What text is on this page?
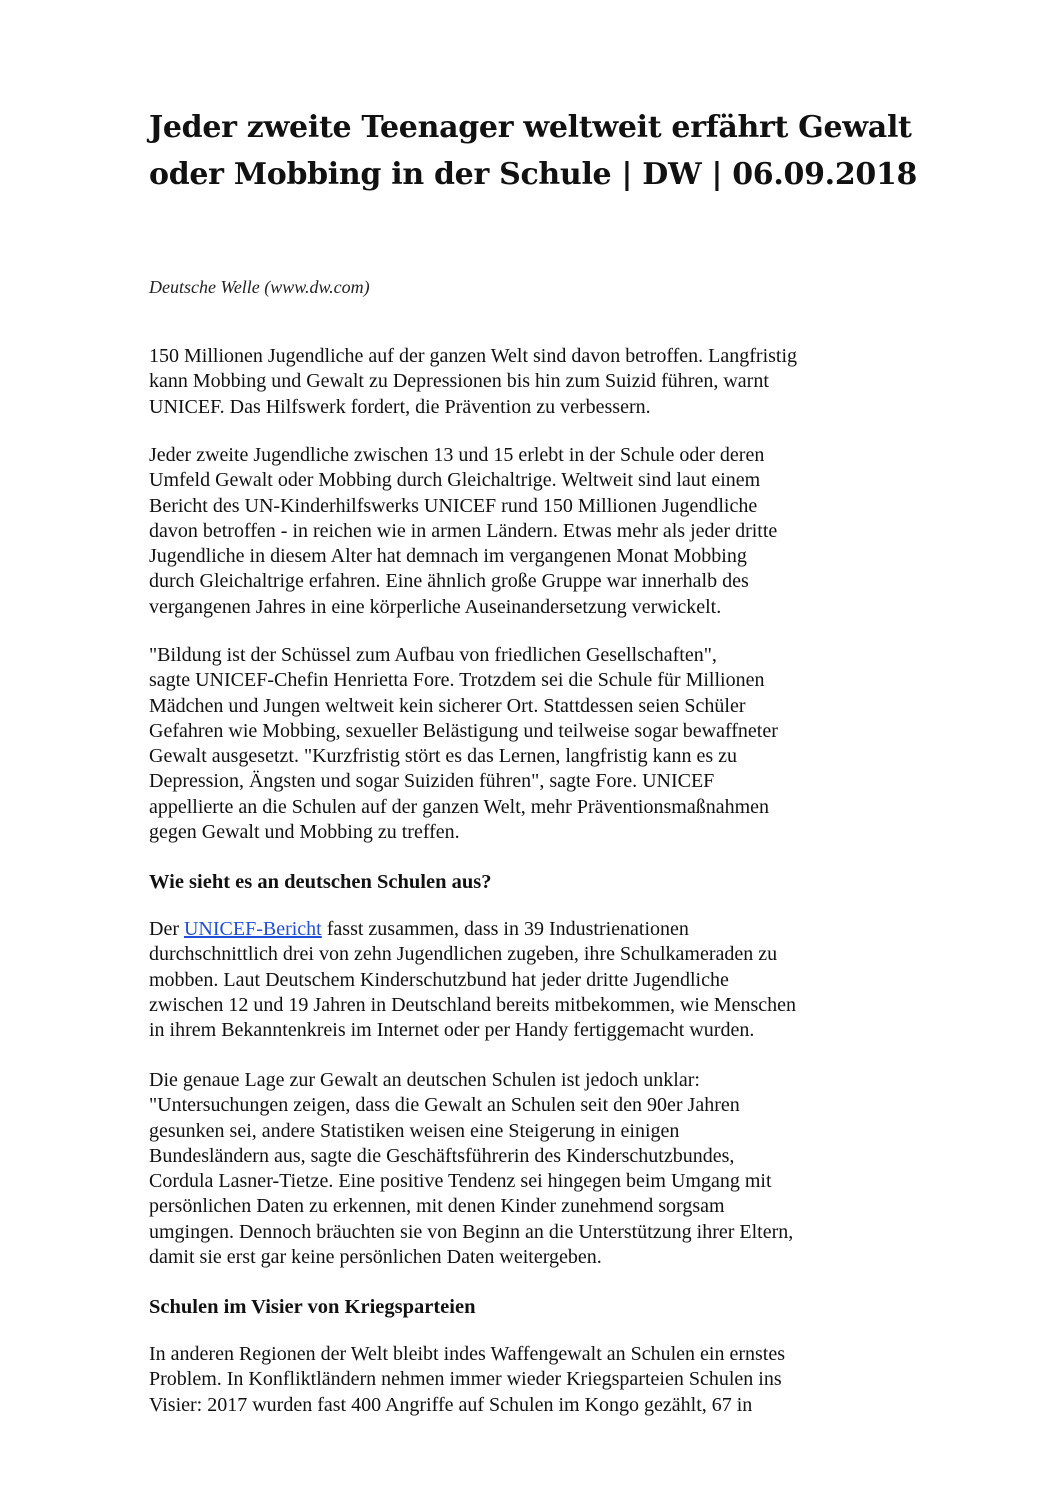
Jeder zweite Teenager weltweit erfährt Gewalt oder Mobbing in der Schule | DW | 06.09.2018

Deutsche Welle (www.dw.com)

150 Millionen Jugendliche auf der ganzen Welt sind davon betroffen. Langfristig
kann Mobbing und Gewalt zu Depressionen bis hin zum Suizid führen, warnt
UNICEF. Das Hilfswerk fordert, die Prävention zu verbessern.

Jeder zweite Jugendliche zwischen 13 und 15 erlebt in der Schule oder deren
Umfeld Gewalt oder Mobbing durch Gleichaltrige. Weltweit sind laut einem
Bericht des UN-Kinderhilfswerks UNICEF rund 150 Millionen Jugendliche
davon betroffen - in reichen wie in armen Ländern. Etwas mehr als jeder dritte
Jugendliche in diesem Alter hat demnach im vergangenen Monat Mobbing
durch Gleichaltrige erfahren. Eine ähnlich große Gruppe war innerhalb des
vergangenen Jahres in eine körperliche Auseinandersetzung verwickelt.

"Bildung ist der Schüssel zum Aufbau von friedlichen Gesellschaften",
sagte UNICEF-Chefin Henrietta Fore. Trotzdem sei die Schule für Millionen
Mädchen und Jungen weltweit kein sicherer Ort. Stattdessen seien Schüler
Gefahren wie Mobbing, sexueller Belästigung und teilweise sogar bewaffneter
Gewalt ausgesetzt. "Kurzfristig stört es das Lernen, langfristig kann es zu
Depression, Ängsten und sogar Suiziden führen", sagte Fore. UNICEF
appellierte an die Schulen auf der ganzen Welt, mehr Präventionsmaßnahmen
gegen Gewalt und Mobbing zu treffen.

Wie sieht es an deutschen Schulen aus?

Der UNICEF-Bericht fasst zusammen, dass in 39 Industrienationen
durchschnittlich drei von zehn Jugendlichen zugeben, ihre Schulkameraden zu
mobben. Laut Deutschem Kinderschutzbund hat jeder dritte Jugendliche
zwischen 12 und 19 Jahren in Deutschland bereits mitbekommen, wie Menschen
in ihrem Bekanntenkreis im Internet oder per Handy fertiggemacht wurden.

Die genaue Lage zur Gewalt an deutschen Schulen ist jedoch unklar:
"Untersuchungen zeigen, dass die Gewalt an Schulen seit den 90er Jahren
gesunken sei, andere Statistiken weisen eine Steigerung in einigen
Bundesländern aus, sagte die Geschäftsführerin des Kinderschutzbundes,
Cordula Lasner-Tietze. Eine positive Tendenz sei hingegen beim Umgang mit
persönlichen Daten zu erkennen, mit denen Kinder zunehmend sorgsam
umgingen. Dennoch bräuchten sie von Beginn an die Unterstützung ihrer Eltern,
damit sie erst gar keine persönlichen Daten weitergeben.

Schulen im Visier von Kriegsparteien

In anderen Regionen der Welt bleibt indes Waffengewalt an Schulen ein ernstes
Problem. In Konfliktländern nehmen immer wieder Kriegsparteien Schulen ins
Visier: 2017 wurden fast 400 Angriffe auf Schulen im Kongo gezählt, 67 in
